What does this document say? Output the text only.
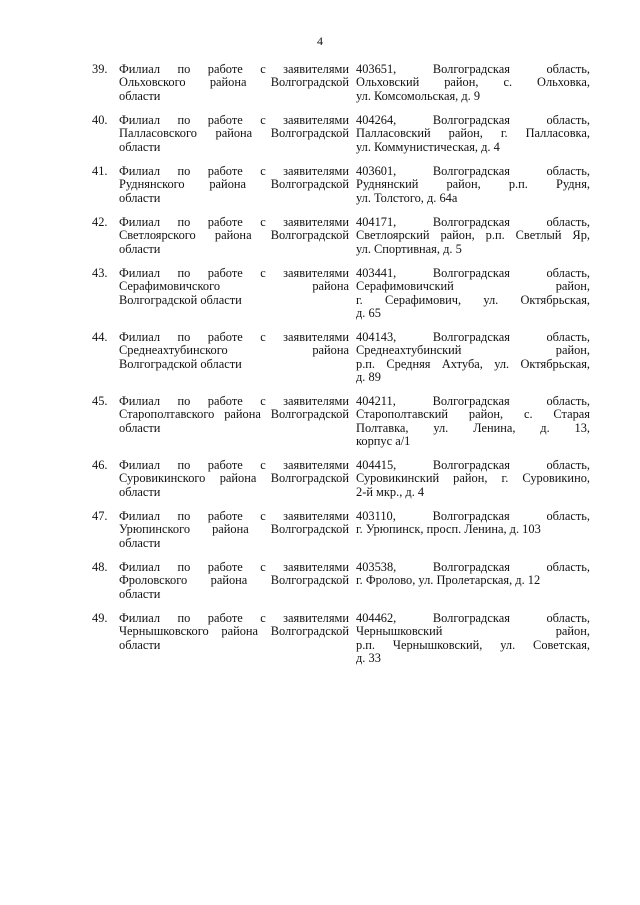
4
39. Филиал по работе с заявителями
Ольховского района Волгоградской
области
403651, Волгоградская область,
Ольховский район, с. Ольховка,
ул. Комсомольская, д. 9
40. Филиал по работе с заявителями
Палласовского района Волгоградской
области
404264, Волгоградская область,
Палласовский район, г. Палласовка,
ул. Коммунистическая, д. 4
41. Филиал по работе с заявителями
Руднянского района Волгоградской
области
403601, Волгоградская область,
Руднянский район, р.п. Рудня,
ул. Толстого, д. 64а
42. Филиал по работе с заявителями
Светлоярского района Волгоградской
области
404171, Волгоградская область,
Светлоярский район, р.п. Светлый Яр,
ул. Спортивная, д. 5
43. Филиал по работе с заявителями
Серафимовичского района
Волгоградской области
403441, Волгоградская область,
Серафимовичский район,
г. Серафимович, ул. Октябрьская,
д. 65
44. Филиал по работе с заявителями
Среднеахтубинского района
Волгоградской области
404143, Волгоградская область,
Среднеахтубинский район,
р.п. Средняя Ахтуба, ул. Октябрьская,
д. 89
45. Филиал по работе с заявителями
Старополтавского района Волгоградской
области
404211, Волгоградская область,
Старополтавский район, с. Старая
Полтавка, ул. Ленина, д. 13,
корпус а/1
46. Филиал по работе с заявителями
Суровикинского района Волгоградской
области
404415, Волгоградская область,
Суровикинский район, г. Суровикино,
2-й мкр., д. 4
47. Филиал по работе с заявителями
Урюпинского района Волгоградской
области
403110, Волгоградская область,
г. Урюпинск, просп. Ленина, д. 103
48. Филиал по работе с заявителями
Фроловского района Волгоградской
области
403538, Волгоградская область,
г. Фролово, ул. Пролетарская, д. 12
49. Филиал по работе с заявителями
Чернышковского района Волгоградской
области
404462, Волгоградская область,
Чернышковский район,
р.п. Чернышковский, ул. Советская,
д. 33
